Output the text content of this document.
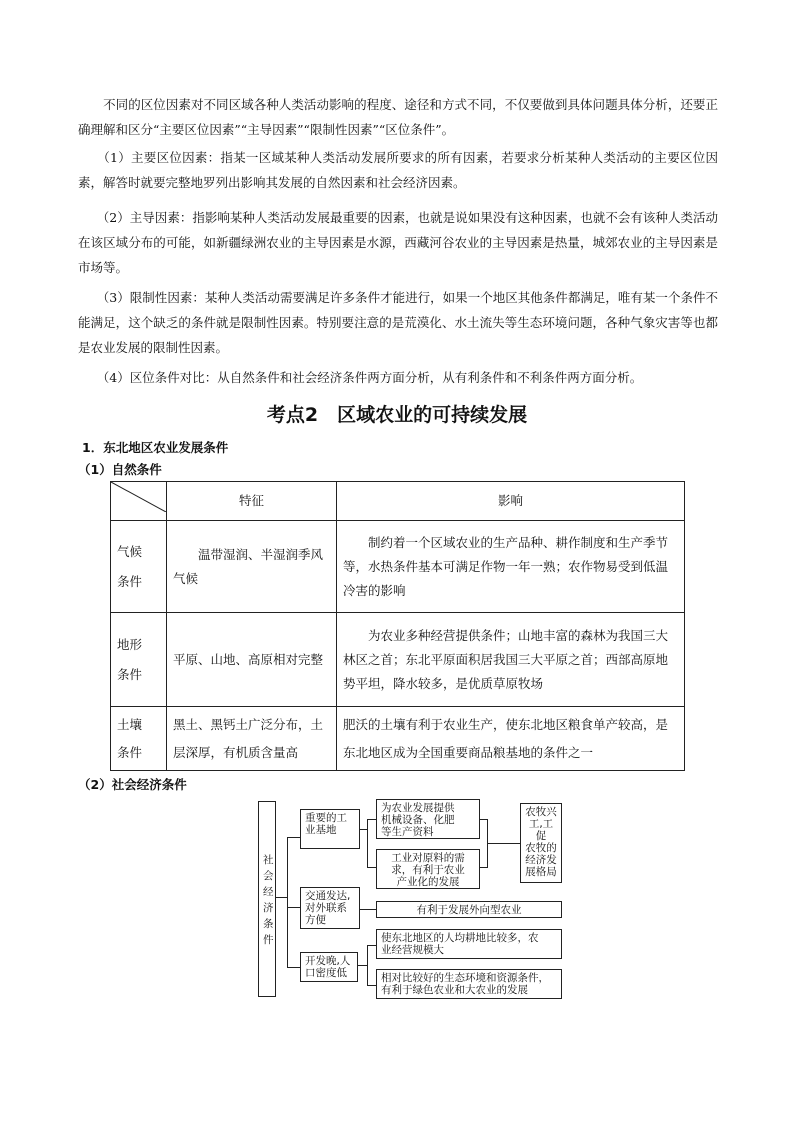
　　不同的区位因素对不同区域各种人类活动影响的程度、途径和方式不同，不仅要做到具体问题具体分析，还要正确理解和区分“主要区位因素”“主导因素”“限制性因素”“区位条件”。
　　（1）主要区位因素：指某一区域某种人类活动发展所要求的所有因素，若要求分析某种人类活动的主要区位因素，解答时就要完整地罗列出影响其发展的自然因素和社会经济因素。
　　（2）主导因素：指影响某种人类活动发展最重要的因素，也就是说如果没有这种因素，也就不会有该种人类活动在该区域分布的可能，如新疆绿洲农业的主导因素是水源，西藏河谷农业的主导因素是热量，城郊农业的主导因素是市场等。
　　（3）限制性因素：某种人类活动需要满足许多条件才能进行，如果一个地区其他条件都满足，唯有某一个条件不能满足，这个缺乏的条件就是限制性因素。特别要注意的是荒漠化、水土流失等生态环境问题，各种气象灾害等也都是农业发展的限制性因素。
　　（4）区位条件对比：从自然条件和社会经济条件两方面分析，从有利条件和不利条件两方面分析。
考点2　区域农业的可持续发展
1．东北地区农业发展条件
（1）自然条件
	特征	影响
气候
条件	　　温带湿润、半湿润季风气候	　　制约着一个区域农业的生产品种、耕作制度和生产季节等，水热条件基本可满足作物一年一熟；农作物易受到低温冷害的影响
地形
条件	平原、山地、高原相对完整	　　为农业多种经营提供条件；山地丰富的森林为我国三大林区之首；东北平原面积居我国三大平原之首；西部高原地势平坦，降水较多，是优质草原牧场
土壤
条件	黑土、黑钙土广泛分布，土层深厚，有机质含量高	肥沃的土壤有利于农业生产，使东北地区粮食单产较高，是东北地区成为全国重要商品粮基地的条件之一
（2）社会经济条件
社
会
经
济
条
件
重要的工
业基地
为农业发展提供
机械设备、化肥
等生产资料
工业对原料的需
求，有利于农业
产业化的发展
农牧兴
工,工促
农牧的
经济发
展格局
交通发达,
对外联系
方便
有利于发展外向型农业
开发晚,人
口密度低
使东北地区的人均耕地比较多，农
业经营规模大
相对比较好的生态环境和资源条件，
有利于绿色农业和大农业的发展
